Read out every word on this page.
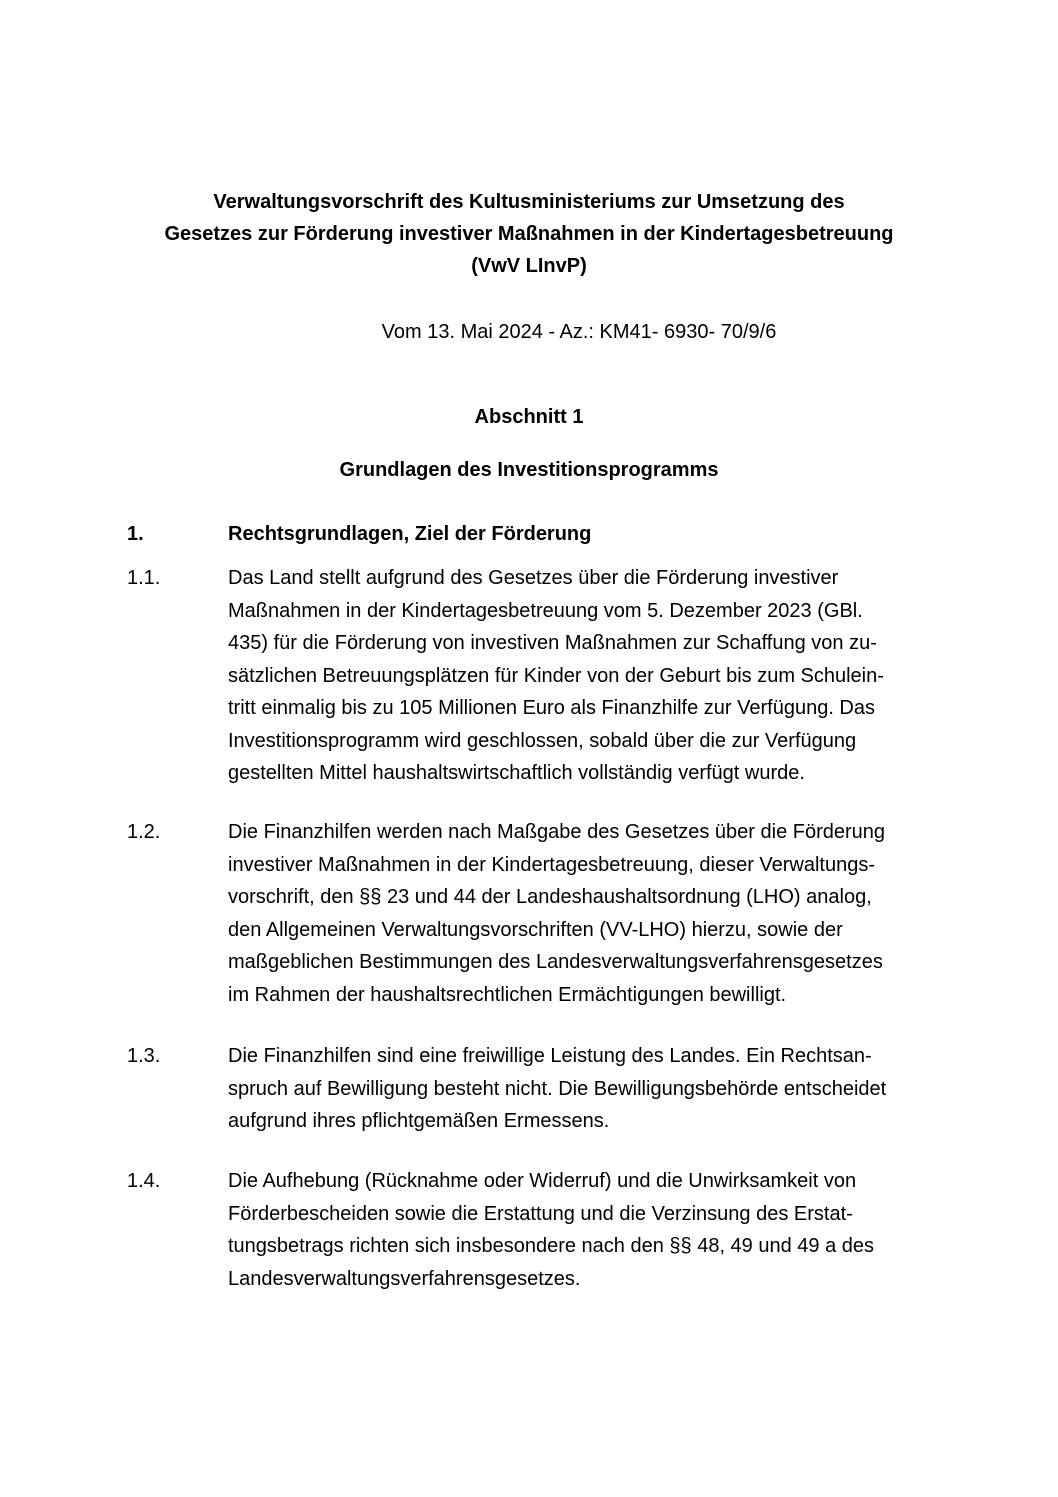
Verwaltungsvorschrift des Kultusministeriums zur Umsetzung des
Gesetzes zur Förderung investiver Maßnahmen in der Kindertagesbetreuung
(VwV LInvP)
Vom 13. Mai 2024 - Az.: KM41- 6930- 70/9/6
Abschnitt 1
Grundlagen des Investitionsprogramms
1.	Rechtsgrundlagen, Ziel der Förderung
1.1.	Das Land stellt aufgrund des Gesetzes über die Förderung investiver
Maßnahmen in der Kindertagesbetreuung vom 5. Dezember 2023 (GBl.
435) für die Förderung von investiven Maßnahmen zur Schaffung von zu-
sätzlichen Betreuungsplätzen für Kinder von der Geburt bis zum Schulein-
tritt einmalig bis zu 105 Millionen Euro als Finanzhilfe zur Verfügung. Das
Investitionsprogramm wird geschlossen, sobald über die zur Verfügung
gestellten Mittel haushaltswirtschaftlich vollständig verfügt wurde.
1.2.	Die Finanzhilfen werden nach Maßgabe des Gesetzes über die Förderung
investiver Maßnahmen in der Kindertagesbetreuung, dieser Verwaltungs-
vorschrift, den §§ 23 und 44 der Landeshaushaltsordnung (LHO) analog,
den Allgemeinen Verwaltungsvorschriften (VV-LHO) hierzu, sowie der
maßgeblichen Bestimmungen des Landesverwaltungsverfahrensgesetzes
im Rahmen der haushaltsrechtlichen Ermächtigungen bewilligt.
1.3.	Die Finanzhilfen sind eine freiwillige Leistung des Landes. Ein Rechtsan-
spruch auf Bewilligung besteht nicht. Die Bewilligungsbehörde entscheidet
aufgrund ihres pflichtgemäßen Ermessens.
1.4.	Die Aufhebung (Rücknahme oder Widerruf) und die Unwirksamkeit von
Förderbescheiden sowie die Erstattung und die Verzinsung des Erstat-
tungsbetrags richten sich insbesondere nach den §§ 48, 49 und 49 a des
Landesverwaltungsverfahrensgesetzes.
